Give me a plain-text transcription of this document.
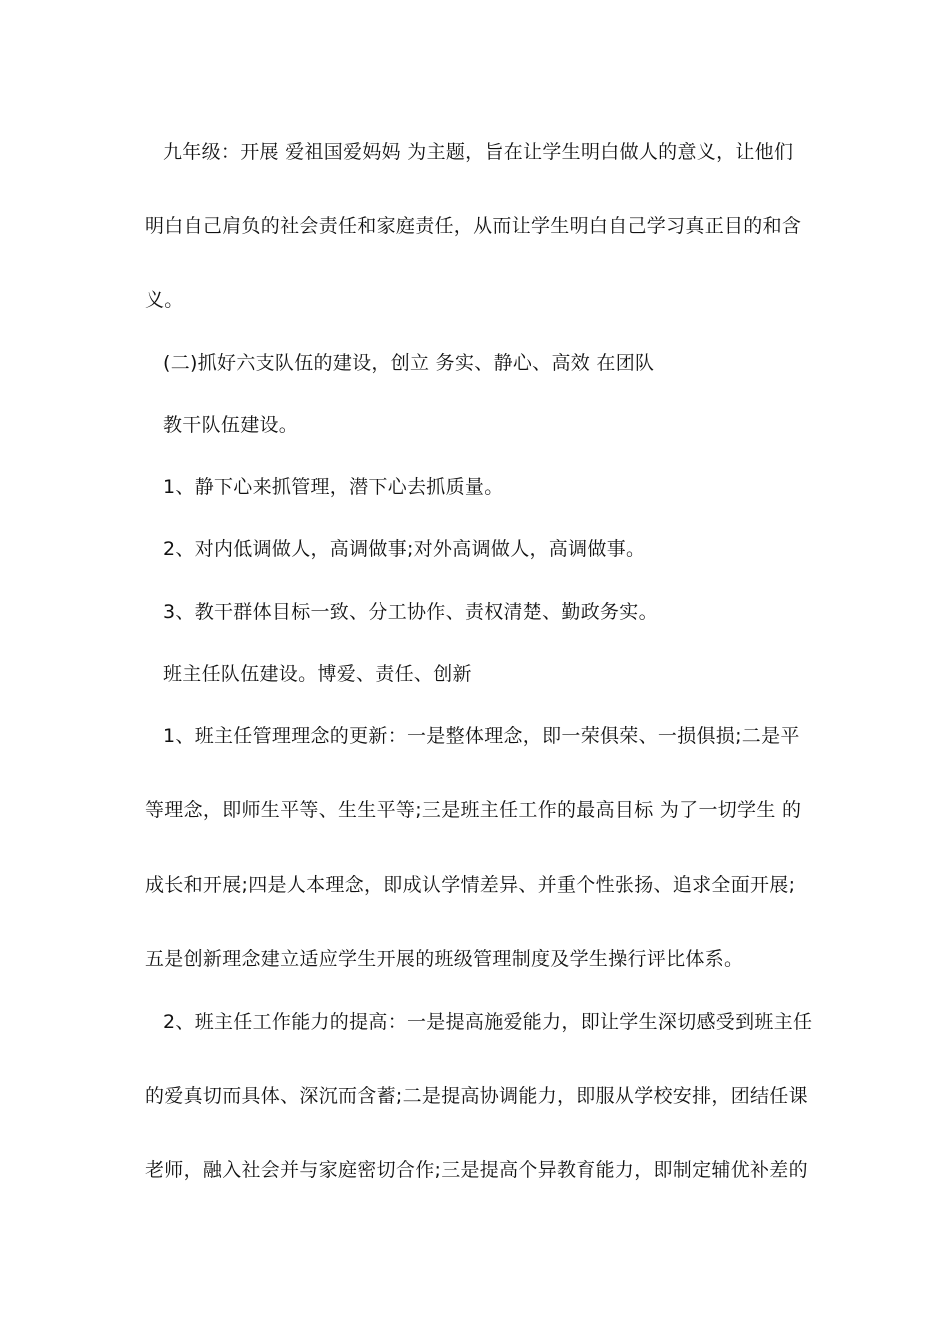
九年级：开展 爱祖国爱妈妈 为主题，旨在让学生明白做人的意义，让他们
明白自己肩负的社会责任和家庭责任，从而让学生明白自己学习真正目的和含
义。
(二)抓好六支队伍的建设，创立 务实、静心、高效 在团队
教干队伍建设。
1、静下心来抓管理，潜下心去抓质量。
2、对内低调做人，高调做事;对外高调做人，高调做事。
3、教干群体目标一致、分工协作、责权清楚、勤政务实。
班主任队伍建设。博爱、责任、创新
1、班主任管理理念的更新：一是整体理念，即一荣俱荣、一损俱损;二是平
等理念，即师生平等、生生平等;三是班主任工作的最高目标 为了一切学生 的
成长和开展;四是人本理念，即成认学情差异、并重个性张扬、追求全面开展;
五是创新理念建立适应学生开展的班级管理制度及学生操行评比体系。
2、班主任工作能力的提高：一是提高施爱能力，即让学生深切感受到班主任
的爱真切而具体、深沉而含蓄;二是提高协调能力，即服从学校安排，团结任课
老师，融入社会并与家庭密切合作;三是提高个异教育能力，即制定辅优补差的
